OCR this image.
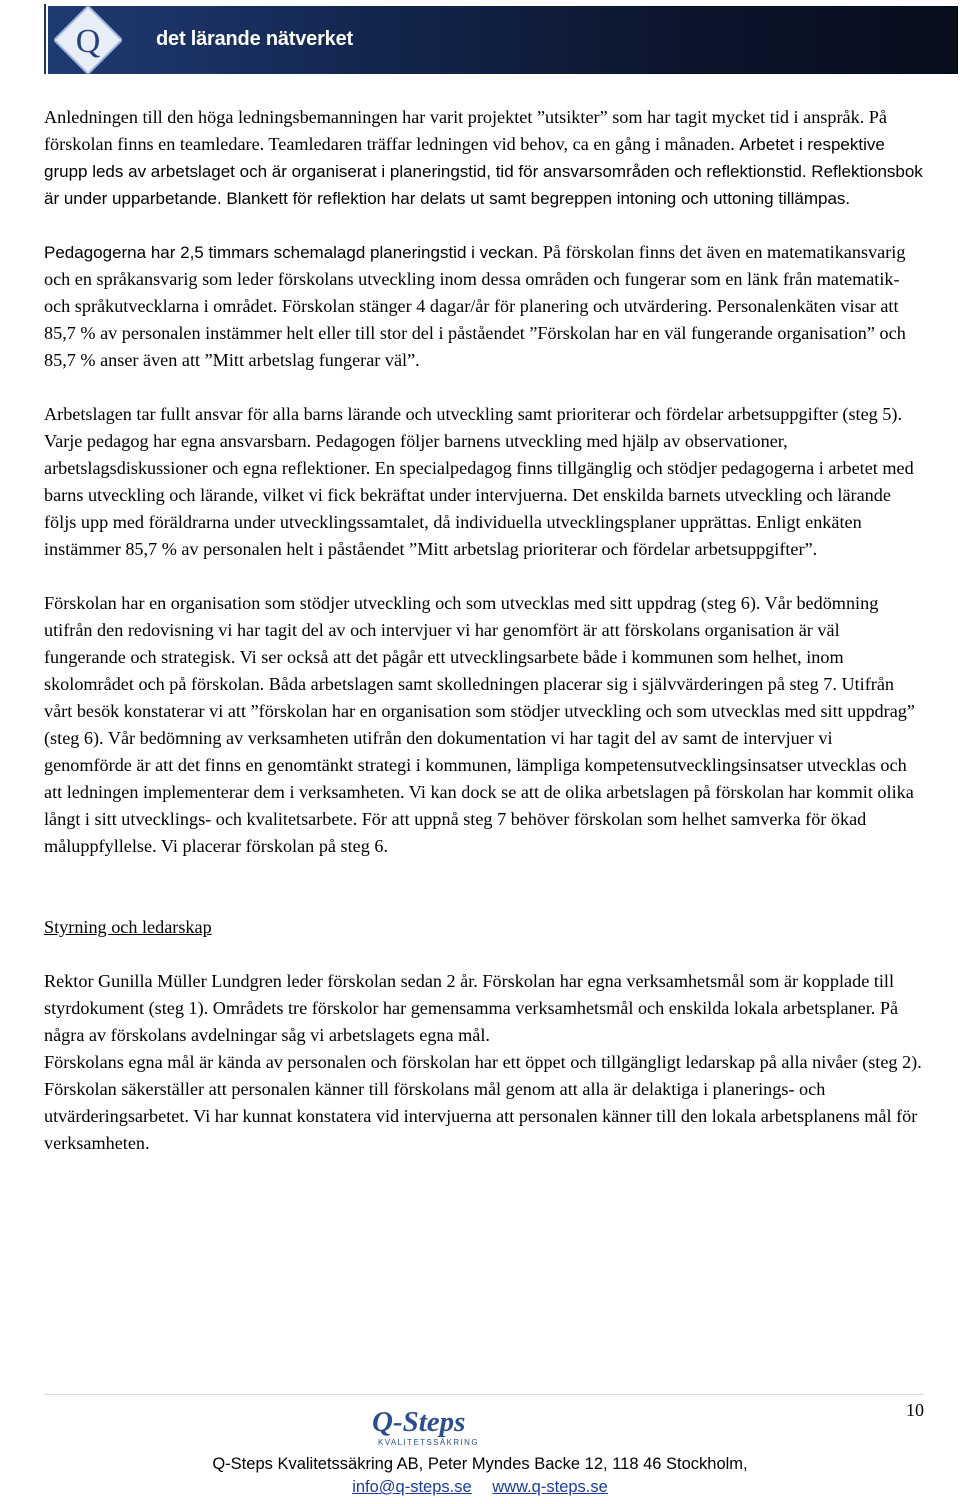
Q	det lärande nätverket

Anledningen till den höga ledningsbemanningen har varit projektet ”utsikter” som har tagit mycket tid i anspråk. På förskolan finns en teamledare. Teamledaren träffar ledningen vid behov, ca en gång i månaden. Arbetet i respektive grupp leds av arbetslaget och är organiserat i planeringstid, tid för ansvarsområden och reflektionstid. Reflektionsbok är under upparbetande. Blankett för reflektion har delats ut samt begreppen intoning och uttoning tillämpas.

Pedagogerna har 2,5 timmars schemalagd planeringstid i veckan. På förskolan finns det även en matematikansvarig och en språkansvarig som leder förskolans utveckling inom dessa områden och fungerar som en länk från matematik- och språkutvecklarna i området. Förskolan stänger 4 dagar/år för planering och utvärdering. Personalenkäten visar att 85,7 % av personalen instämmer helt eller till stor del i påståendet ”Förskolan har en väl fungerande organisation” och 85,7 % anser även att ”Mitt arbetslag fungerar väl”.

Arbetslagen tar fullt ansvar för alla barns lärande och utveckling samt prioriterar och fördelar arbetsuppgifter (steg 5). Varje pedagog har egna ansvarsbarn. Pedagogen följer barnens utveckling med hjälp av observationer, arbetslagsdiskussioner och egna reflektioner. En specialpedagog finns tillgänglig och stödjer pedagogerna i arbetet med barns utveckling och lärande, vilket vi fick bekräftat under intervjuerna. Det enskilda barnets utveckling och lärande följs upp med föräldrarna under utvecklingssamtalet, då individuella utvecklingsplaner upprättas. Enligt enkäten instämmer 85,7 % av personalen helt i påståendet ”Mitt arbetslag prioriterar och fördelar arbetsuppgifter”.

Förskolan har en organisation som stödjer utveckling och som utvecklas med sitt uppdrag (steg 6). Vår bedömning utifrån den redovisning vi har tagit del av och intervjuer vi har genomfört är att förskolans organisation är väl fungerande och strategisk. Vi ser också att det pågår ett utvecklingsarbete både i kommunen som helhet, inom skolområdet och på förskolan. Båda arbetslagen samt skolledningen placerar sig i självvärderingen på steg 7. Utifrån vårt besök konstaterar vi att ”förskolan har en organisation som stödjer utveckling och som utvecklas med sitt uppdrag” (steg 6). Vår bedömning av verksamheten utifrån den dokumentation vi har tagit del av samt de intervjuer vi genomförde är att det finns en genomtänkt strategi i kommunen, lämpliga kompetensutvecklingsinsatser utvecklas och att ledningen implementerar dem i verksamheten. Vi kan dock se att de olika arbetslagen på förskolan har kommit olika långt i sitt utvecklings- och kvalitetsarbete. För att uppnå steg 7 behöver förskolan som helhet samverka för ökad måluppfyllelse. Vi placerar förskolan på steg 6.

Styrning och ledarskap

Rektor Gunilla Müller Lundgren leder förskolan sedan 2 år. Förskolan har egna verksamhetsmål som är kopplade till styrdokument (steg 1). Områdets tre förskolor har gemensamma verksamhetsmål och enskilda lokala arbetsplaner. På några av förskolans avdelningar såg vi arbetslagets egna mål.

Förskolans egna mål är kända av personalen och förskolan har ett öppet och tillgängligt ledarskap på alla nivåer (steg 2). Förskolan säkerställer att personalen känner till förskolans mål genom att alla är delaktiga i planerings- och utvärderingsarbetet. Vi har kunnat konstatera vid intervjuerna att personalen känner till den lokala arbetsplanens mål för verksamheten.

10
Q-Steps
KVALITETSSÄKRING
Q-Steps Kvalitetssäkring AB, Peter Myndes Backe 12, 118 46 Stockholm,
info@q-steps.se www.q-steps.se
